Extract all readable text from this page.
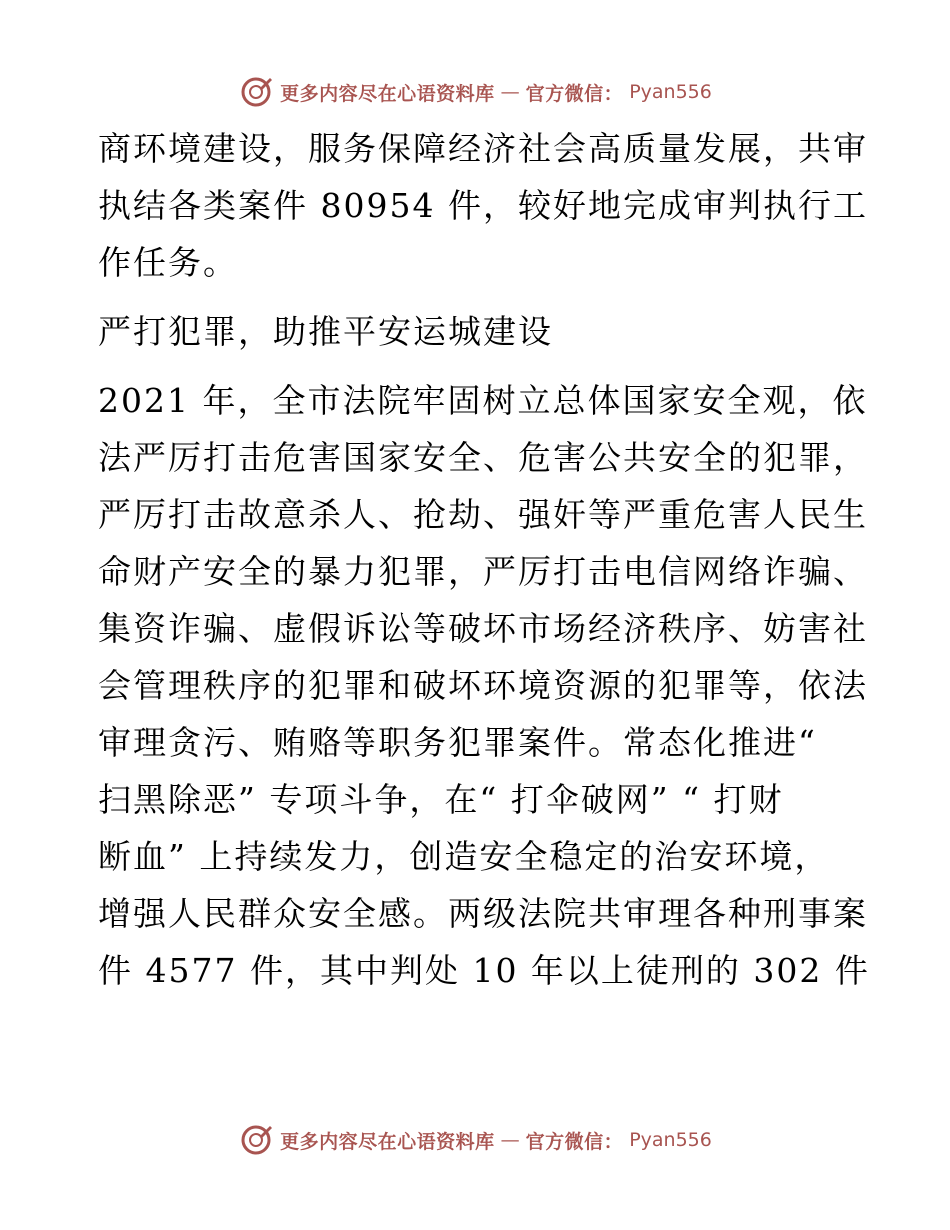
更多内容尽在心语资料库 — 官方微信： Pyan556
商环境建设，服务保障经济社会高质量发展，共审
执结各类案件 80954 件，较好地完成审判执行工
作任务。
严打犯罪，助推平安运城建设
2021 年，全市法院牢固树立总体国家安全观，依
法严厉打击危害国家安全、危害公共安全的犯罪，
严厉打击故意杀人、抢劫、强奸等严重危害人民生
命财产安全的暴力犯罪，严厉打击电信网络诈骗、
集资诈骗、虚假诉讼等破坏市场经济秩序、妨害社
会管理秩序的犯罪和破坏环境资源的犯罪等，依法
审理贪污、贿赂等职务犯罪案件。常态化推进“
扫黑除恶” 专项斗争，在“ 打伞破网” “ 打财
断血” 上持续发力，创造安全稳定的治安环境，
增强人民群众安全感。两级法院共审理各种刑事案
件 4577 件，其中判处 10 年以上徒刑的 302 件
更多内容尽在心语资料库 — 官方微信： Pyan556
